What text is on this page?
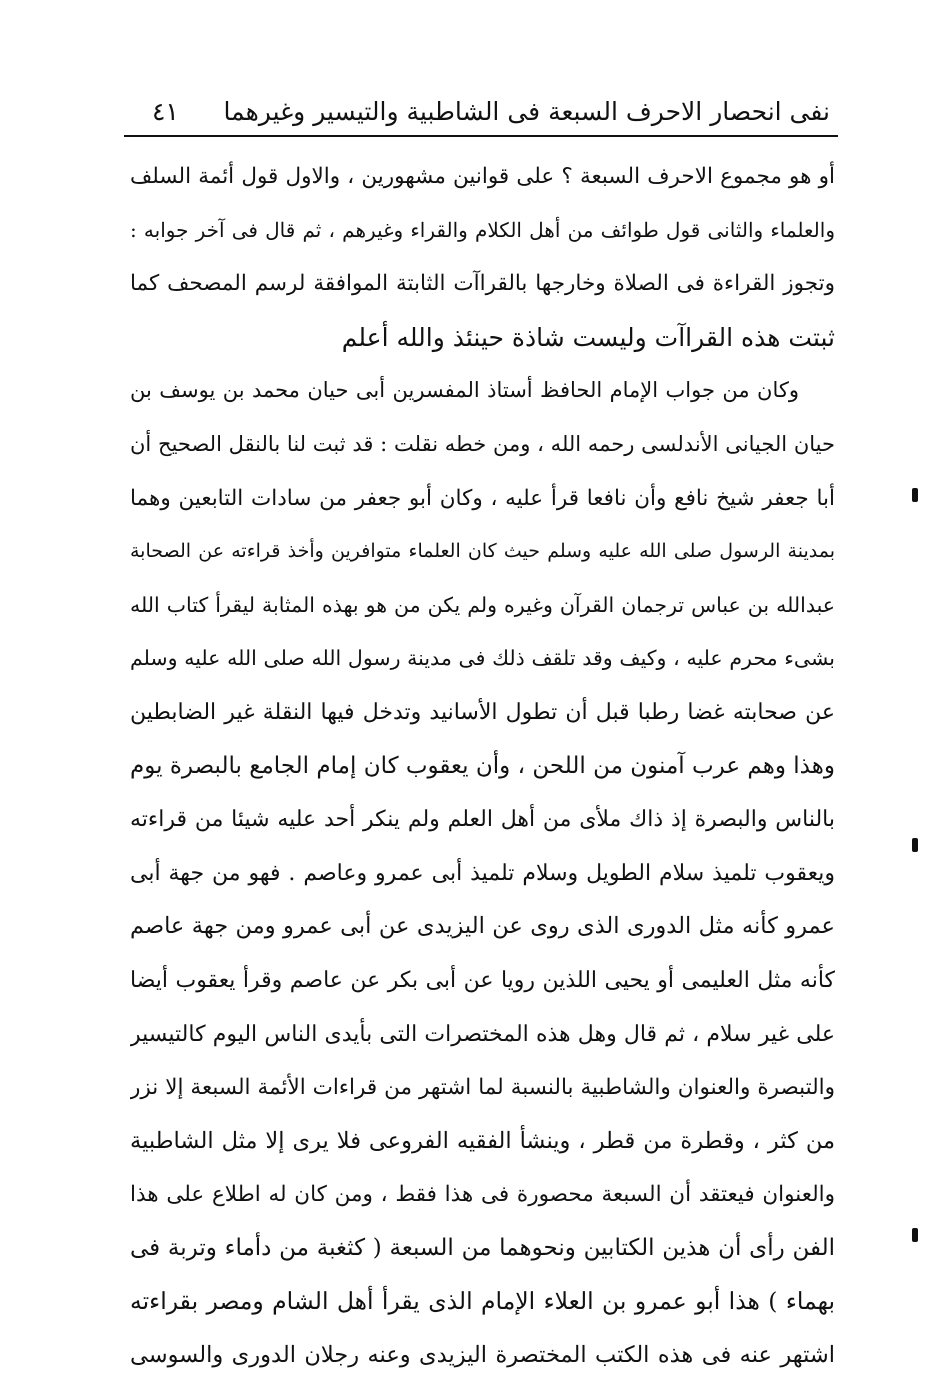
نفى انحصار الاحرف السبعة فى الشاطبية والتيسير وغيرهما
٤١
أو هو مجموع الاحرف السبعة ؟ على قوانين مشهورين ، والاول قول أئمة السلف
والعلماء والثانى قول طوائف من أهل الكلام والقراء وغيرهم ، ثم قال فى آخر جوابه :
وتجوز القراءة فى الصلاة وخارجها بالقراآت الثابتة الموافقة لرسم المصحف كما
ثبتت هذه القراآت وليست شاذة حينئذ والله أعلم
وكان من جواب الإمام الحافظ أستاذ المفسرين أبى حيان محمد بن يوسف بن
حيان الجيانى الأندلسى رحمه الله ، ومن خطه نقلت : قد ثبت لنا بالنقل الصحيح أن
أبا جعفر شيخ نافع وأن نافعا قرأ عليه ، وكان أبو جعفر من سادات التابعين وهما
بمدينة الرسول صلى الله عليه وسلم حيث كان العلماء متوافرين وأخذ قراءته عن الصحابة
عبدالله بن عباس ترجمان القرآن وغيره ولم يكن من هو بهذه المثابة ليقرأ كتاب الله
بشىء محرم عليه ، وكيف وقد تلقف ذلك فى مدينة رسول الله صلى الله عليه وسلم
عن صحابته غضا رطبا قبل أن تطول الأسانيد وتدخل فيها النقلة غير الضابطين
وهذا وهم عرب آمنون من اللحن ، وأن يعقوب كان إمام الجامع بالبصرة يوم
بالناس والبصرة إذ ذاك ملأى من أهل العلم ولم ينكر أحد عليه شيئا من قراءته
ويعقوب تلميذ سلام الطويل وسلام تلميذ أبى عمرو وعاصم . فهو من جهة أبى
عمرو كأنه مثل الدورى الذى روى عن اليزيدى عن أبى عمرو ومن جهة عاصم
كأنه مثل العليمى أو يحيى اللذين رويا عن أبى بكر عن عاصم وقرأ يعقوب أيضا
على غير سلام ، ثم قال وهل هذه المختصرات التى بأيدى الناس اليوم كالتيسير
والتبصرة والعنوان والشاطبية بالنسبة لما اشتهر من قراءات الأئمة السبعة إلا نزر
من كثر ، وقطرة من قطر ، وينشأ الفقيه الفروعى فلا يرى إلا مثل الشاطبية
والعنوان فيعتقد أن السبعة محصورة فى هذا فقط ، ومن كان له اطلاع على هذا
الفن رأى أن هذين الكتابين ونحوهما من السبعة ( كثغبة من دأماء وتربة فى
بهماء ) هذا أبو عمرو بن العلاء الإمام الذى يقرأ أهل الشام ومصر بقراءته
اشتهر عنه فى هذه الكتب المختصرة اليزيدى وعنه رجلان الدورى والسوسى
